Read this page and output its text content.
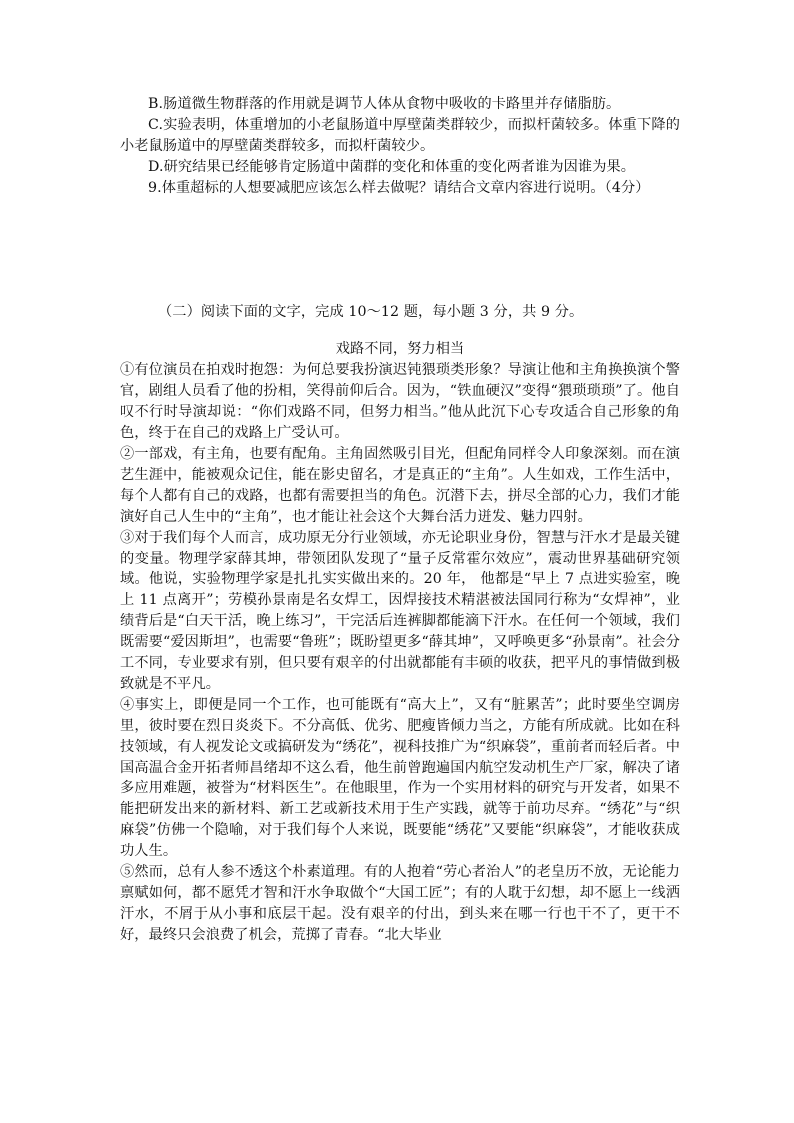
B.肠道微生物群落的作用就是调节人体从食物中吸收的卡路里并存储脂肪。

C.实验表明，体重增加的小老鼠肠道中厚壁菌类群较少，而拟杆菌较多。体重下降的小老鼠肠道中的厚壁菌类群较多，而拟杆菌较少。

D.研究结果已经能够肯定肠道中菌群的变化和体重的变化两者谁为因谁为果。

9.体重超标的人想要减肥应该怎么样去做呢？请结合文章内容进行说明。（4分）

（二）阅读下面的文字，完成 10～12 题，每小题 3 分，共 9 分。

戏路不同，努力相当

①有位演员在拍戏时抱怨：为何总要我扮演迟钝猥琐类形象？导演让他和主角换换演个警官，剧组人员看了他的扮相，笑得前仰后合。因为，“铁血硬汉”变得“猥琐琐琐”了。他自叹不行时导演却说：“你们戏路不同，但努力相当。”他从此沉下心专攻适合自己形象的角色，终于在自己的戏路上广受认可。

②一部戏，有主角，也要有配角。主角固然吸引目光，但配角同样令人印象深刻。而在演艺生涯中，能被观众记住，能在影史留名，才是真正的“主角”。人生如戏，工作生活中，每个人都有自己的戏路，也都有需要担当的角色。沉潜下去，拼尽全部的心力，我们才能演好自己人生中的“主角”，也才能让社会这个大舞台活力迸发、魅力四射。

③对于我们每个人而言，成功原无分行业领域，亦无论职业身份，智慧与汗水才是最关键的变量。物理学家薛其坤，带领团队发现了“量子反常霍尔效应”，震动世界基础研究领域。他说，实验物理学家是扎扎实实做出来的。20 年， 他都是“早上 7 点进实验室，晚上 11 点离开”；劳模孙景南是名女焊工，因焊接技术精湛被法国同行称为“女焊神”，业绩背后是“白天干活，晚上练习”，干完活后连裤脚都能滴下汗水。在任何一个领域，我们既需要“爱因斯坦”，也需要“鲁班”；既盼望更多“薛其坤”，又呼唤更多“孙景南”。社会分工不同，专业要求有别，但只要有艰辛的付出就都能有丰硕的收获，把平凡的事情做到极致就是不平凡。

④事实上，即便是同一个工作，也可能既有“高大上”，又有“脏累苦”；此时要坐空调房里，彼时要在烈日炎炎下。不分高低、优劣、肥瘦皆倾力当之，方能有所成就。比如在科技领域，有人视发论文或搞研发为“绣花”，视科技推广为“织麻袋”，重前者而轻后者。中国高温合金开拓者师昌绪却不这么看，他生前曾跑遍国内航空发动机生产厂家，解决了诸多应用难题，被誉为“材料医生”。在他眼里，作为一个实用材料的研究与开发者，如果不能把研发出来的新材料、新工艺或新技术用于生产实践，就等于前功尽弃。“绣花”与“织麻袋”仿佛一个隐喻，对于我们每个人来说，既要能“绣花”又要能“织麻袋”，才能收获成功人生。

⑤然而，总有人参不透这个朴素道理。有的人抱着“劳心者治人”的老皇历不放，无论能力禀赋如何，都不愿凭才智和汗水争取做个“大国工匠”；有的人耽于幻想，却不愿上一线洒汗水，不屑于从小事和底层干起。没有艰辛的付出，到头来在哪一行也干不了，更干不好，最终只会浪费了机会，荒掷了青春。“北大毕业
